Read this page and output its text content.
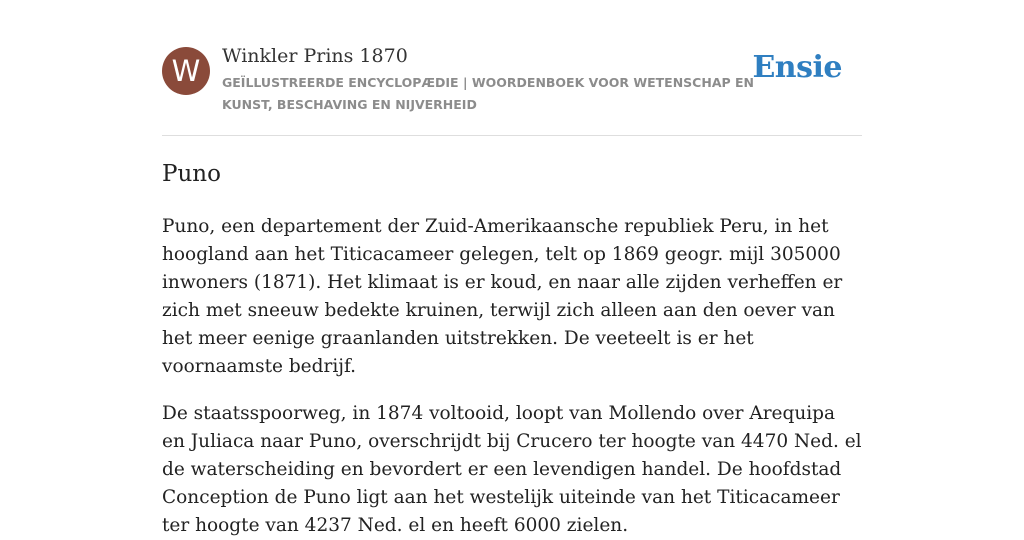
W	Winkler Prins 1870
GEÏLLUSTREERDE ENCYCLOPÆDIE | WOORDENBOEK VOOR WETENSCHAP EN KUNST, BESCHAVING EN NIJVERHEID
Ensie
Puno

Puno, een departement der Zuid-Amerikaansche republiek Peru, in het hoogland aan het Titicacameer gelegen, telt op 1869 geogr. mijl 305000 inwoners (1871). Het klimaat is er koud, en naar alle zijden verheffen er zich met sneeuw bedekte kruinen, terwijl zich alleen aan den oever van het meer eenige graanlanden uitstrekken. De veeteelt is er het voornaamste bedrijf.

De staatsspoorweg, in 1874 voltooid, loopt van Mollendo over Arequipa en Juliaca naar Puno, overschrijdt bij Crucero ter hoogte van 4470 Ned. el de waterscheiding en bevordert er een levendigen handel. De hoofdstad Conception de Puno ligt aan het westelijk uiteinde van het Titicacameer ter hoogte van 4237 Ned. el en heeft 6000 zielen.
